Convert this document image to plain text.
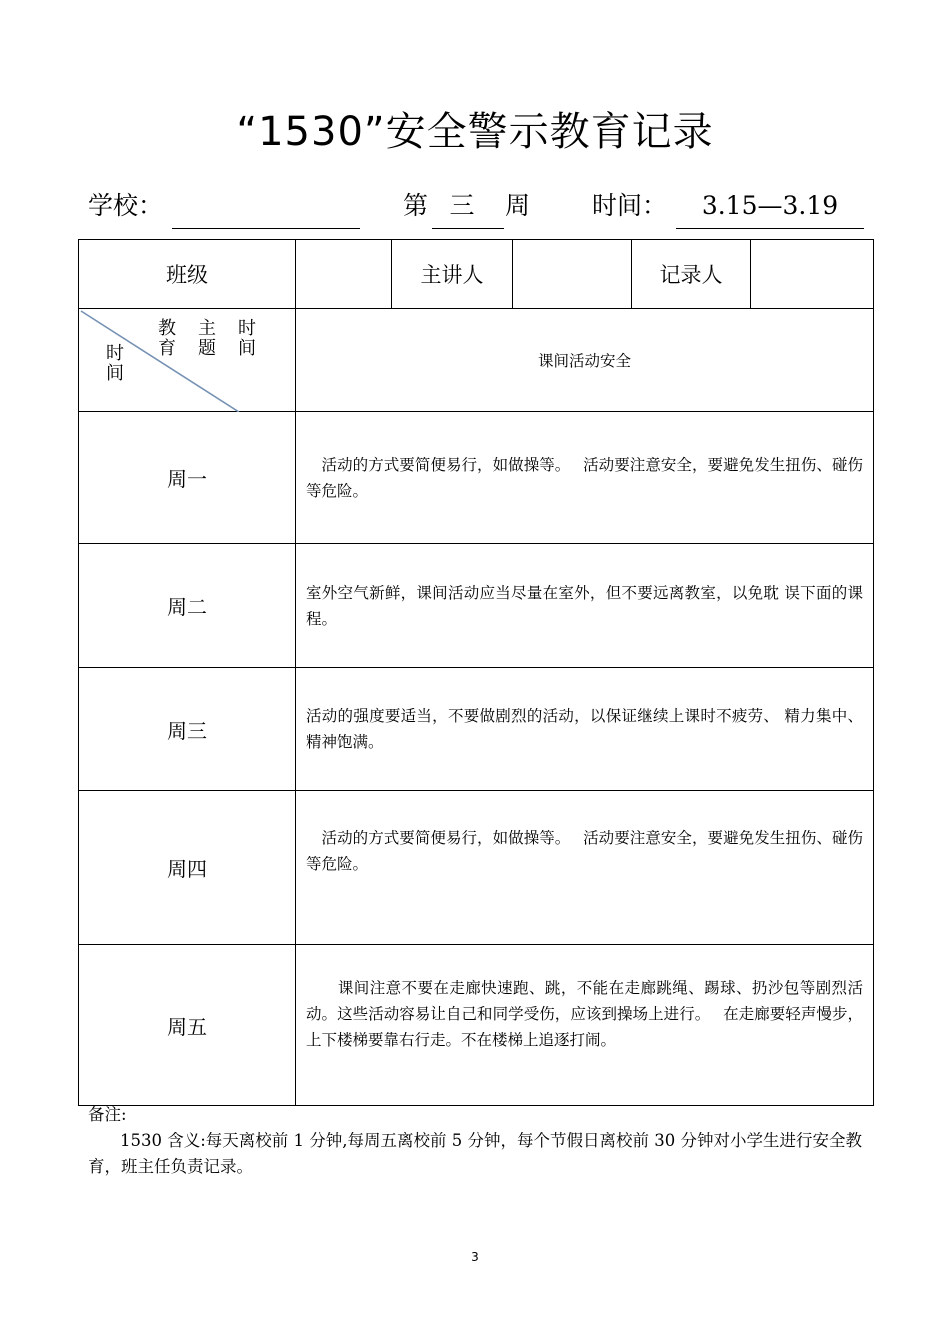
“1530”安全警示教育记录
学校：	第 三	周 时间：	3.15—3.19
班级		主讲人		记录人	

教　主　时
育　题　间
时
间	课间活动安全				
周一	　活动的方式要简便易行，如做操等。　 活动要注意安全，要避免发生扭伤、碰伤等危险。				
周二	室外空气新鲜，课间活动应当尽量在室外，但不要远离教室，以免耽 误下面的课程。				
周三	活动的强度要适当，不要做剧烈的活动，以保证继续上课时不疲劳、 精力集中、精神饱满。				
周四	　活动的方式要简便易行，如做操等。　 活动要注意安全，要避免发生扭伤、碰伤等危险。				
周五	　　课间注意不要在走廊快速跑、跳，不能在走廊跳绳、踢球、扔沙包等剧烈活动。这些活动容易让自己和同学受伤，应该到操场上进行。　 在走廊要轻声慢步，上下楼梯要靠右行走。不在楼梯上追逐打闹。				

备注:

1530 含义:每天离校前 1 分钟,每周五离校前 5 分钟，每个节假日离校前 30 分钟对小学生进行安全教育，班主任负责记录。

3
